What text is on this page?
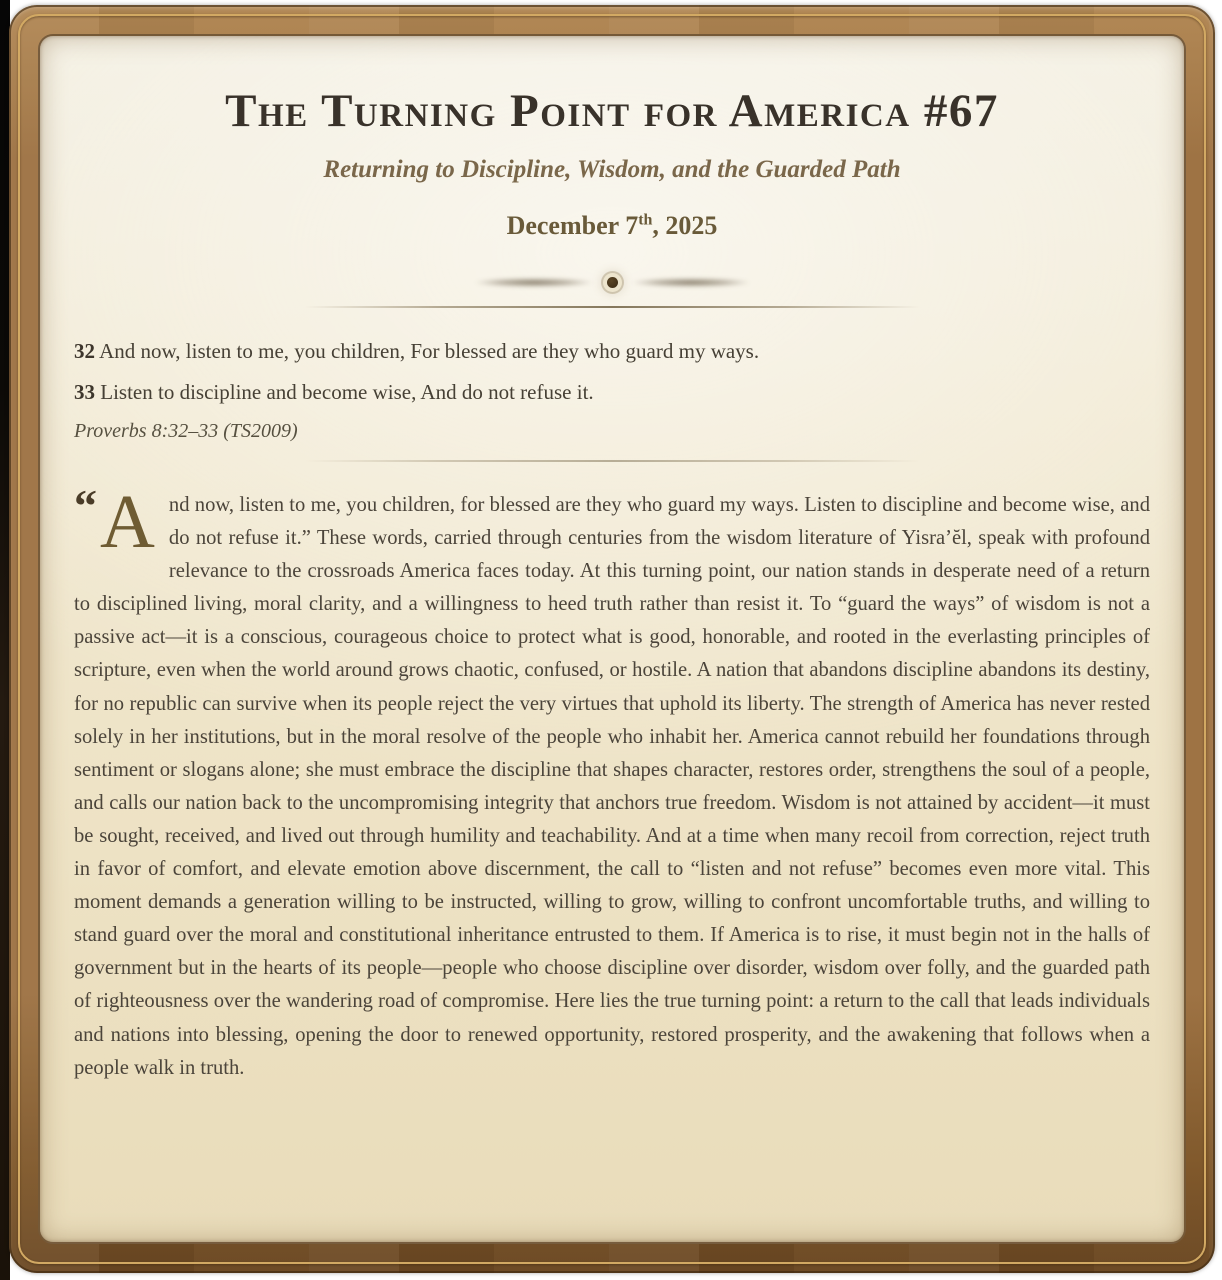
The Turning Point for America #67
Returning to Discipline, Wisdom, and the Guarded Path
December 7th, 2025
32 And now, listen to me, you children, For blessed are they who guard my ways.
33 Listen to discipline and become wise, And do not refuse it.
Proverbs 8:32–33 (TS2009)

“A nd now, listen to me, you children, for blessed are they who guard my ways. Listen to discipline and become wise, and do not refuse it.” These words, carried through centuries from the wisdom literature of Yisra’ĕl, speak with profound relevance to the crossroads America faces today. At this turning point, our nation stands in desperate need of a return to disciplined living, moral clarity, and a willingness to heed truth rather than resist it. To “guard the ways” of wisdom is not a passive act—it is a conscious, courageous choice to protect what is good, honorable, and rooted in the everlasting principles of scripture, even when the world around grows chaotic, confused, or hostile. A nation that abandons discipline abandons its destiny, for no republic can survive when its people reject the very virtues that uphold its liberty. The strength of America has never rested solely in her institutions, but in the moral resolve of the people who inhabit her. America cannot rebuild her foundations through sentiment or slogans alone; she must embrace the discipline that shapes character, restores order, strengthens the soul of a people, and calls our nation back to the uncompromising integrity that anchors true freedom. Wisdom is not attained by accident—it must be sought, received, and lived out through humility and teachability. And at a time when many recoil from correction, reject truth in favor of comfort, and elevate emotion above discernment, the call to “listen and not refuse” becomes even more vital. This moment demands a generation willing to be instructed, willing to grow, willing to confront uncomfortable truths, and willing to stand guard over the moral and constitutional inheritance entrusted to them. If America is to rise, it must begin not in the halls of government but in the hearts of its people—people who choose discipline over disorder, wisdom over folly, and the guarded path of righteousness over the wandering road of compromise. Here lies the true turning point: a return to the call that leads individuals and nations into blessing, opening the door to renewed opportunity, restored prosperity, and the awakening that follows when a people walk in truth.
